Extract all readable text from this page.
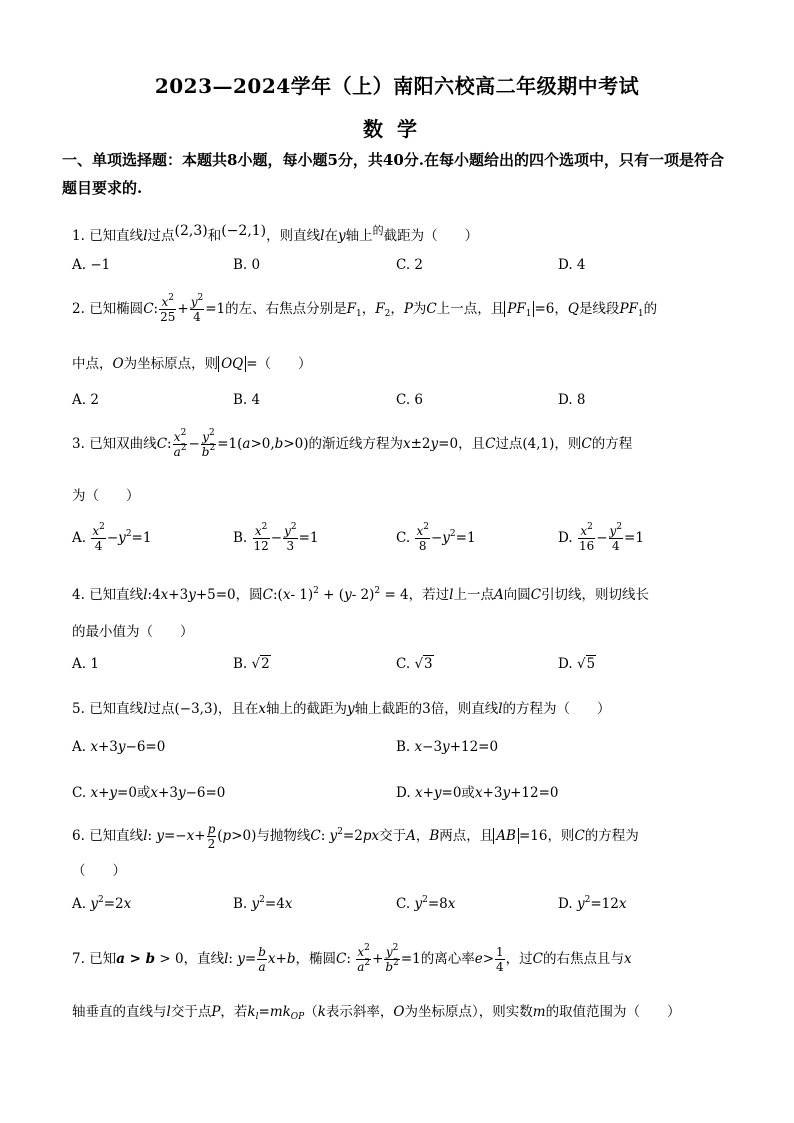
2023—2024学年（上）南阳六校高二年级期中考试
数学
一、单项选择题：本题共8小题，每小题5分，共40分.在每小题给出的四个选项中，只有一项是符合题目要求的.
1. 已知直线l过点(2,3)和(−2,1)，则直线l在y轴上$^的$截距为（　　）
A. −1	B. 0	C. 2	D. 4
2. 已知椭圆C: $\frac{x^2}{25} + \frac{y^2}{4} =1$的左、右焦点分别是$F_1$，$F_2$，P为C上一点，且 $PF_1 =6$，Q是线段$PF_1$的
中点，O为坐标原点，则 OQ =（　　）
A. 2	B. 4	C. 6	D. 8
3. 已知双曲线C: $\frac{x^2}{a^2} - \frac{y^2}{b^2} =1(a>0,b>0)$的渐近线方程为x±2y=0，且C过点(4,1)，则C的方程
为（　　）
A. $\frac{x^2}{4} -y^2=1$	B. $\frac{x^2}{12} - \frac{y^2}{3} =1$	C. $\frac{x^2}{8} -y^2=1$	D. $\frac{x^2}{16} - \frac{y^2}{4} =1$
4. 已知直线l:4x+3y+5=0，圆C:(x- 1)$^2$ + (y- 2)$^2$ = 4，若过l上一点A向圆C引切线，则切线长
的最小值为（　　）
A. 1	B. √2	C. √3	D. √5
5. 已知直线l过点(−3,3)，且在x轴上的截距为y轴上截距的3倍，则直线l的方程为（　　）
A. x+3y−6=0	B. x−3y+12=0
C. x+y=0或x+3y−6=0	D. x+y=0或x+3y+12=0
6. 已知直线l: $y=-x+ \frac{p}{2} (p>0)$与抛物线C: $y^2=2px$交于A，B两点，且 AB =16，则C的方程为
（　　）
A. $y^2=2x$	B. $y^2=4x$	C. $y^2=8x$	D. $y^2=12x$
7. 已知a > b > 0，直线l: $y= \frac{b}{a} x+b$，椭圆C: $\frac{x^2}{a^2} + \frac{y^2}{b^2} =1$的离心率$e> \frac{1}{4}$ ，过C的右焦点且与x
轴垂直的直线与l交于点P，若$k_l=mk_{OP}(k$表示斜率，O为坐标原点），则实数m的取值范围为（　　）
